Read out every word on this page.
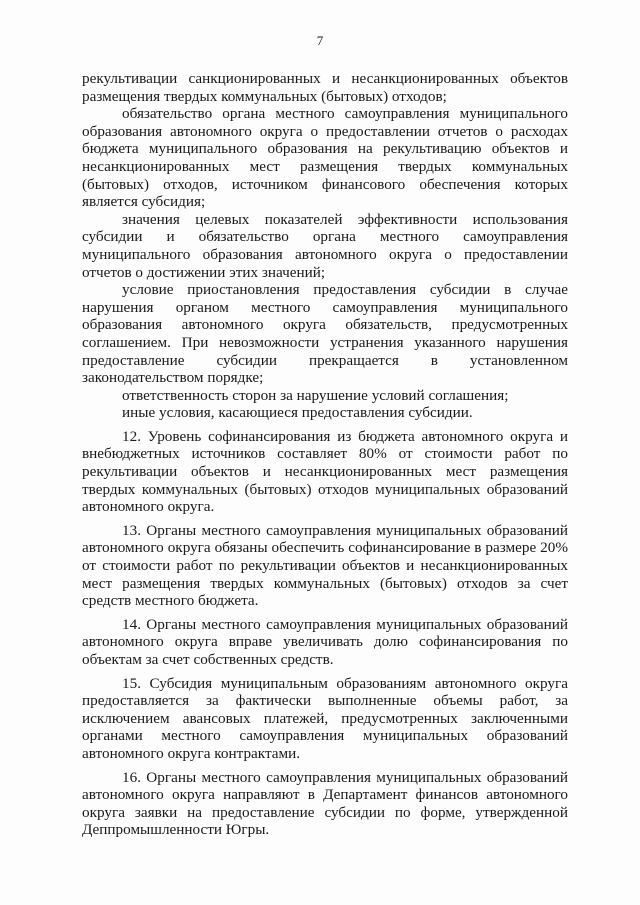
7

рекультивации санкционированных и несанкционированных объектов размещения твердых коммунальных (бытовых) отходов;

обязательство органа местного самоуправления муниципального образования автономного округа о предоставлении отчетов о расходах бюджета муниципального образования на рекультивацию объектов и несанкционированных мест размещения твердых коммунальных (бытовых) отходов, источником финансового обеспечения которых является субсидия;

значения целевых показателей эффективности использования субсидии и обязательство органа местного самоуправления муниципального образования автономного округа о предоставлении отчетов о достижении этих значений;

условие приостановления предоставления субсидии в случае нарушения органом местного самоуправления муниципального образования автономного округа обязательств, предусмотренных соглашением. При невозможности устранения указанного нарушения предоставление субсидии прекращается в установленном законодательством порядке;

ответственность сторон за нарушение условий соглашения;

иные условия, касающиеся предоставления субсидии.

12. Уровень софинансирования из бюджета автономного округа и внебюджетных источников составляет 80% от стоимости работ по рекультивации объектов и несанкционированных мест размещения твердых коммунальных (бытовых) отходов муниципальных образований автономного округа.

13. Органы местного самоуправления муниципальных образований автономного округа обязаны обеспечить софинансирование в размере 20% от стоимости работ по рекультивации объектов и несанкционированных мест размещения твердых коммунальных (бытовых) отходов за счет средств местного бюджета.

14. Органы местного самоуправления муниципальных образований автономного округа вправе увеличивать долю софинансирования по объектам за счет собственных средств.

15. Субсидия муниципальным образованиям автономного округа предоставляется за фактически выполненные объемы работ, за исключением авансовых платежей, предусмотренных заключенными органами местного самоуправления муниципальных образований автономного округа контрактами.

16. Органы местного самоуправления муниципальных образований автономного округа направляют в Департамент финансов автономного округа заявки на предоставление субсидии по форме, утвержденной Деппромышленности Югры.
